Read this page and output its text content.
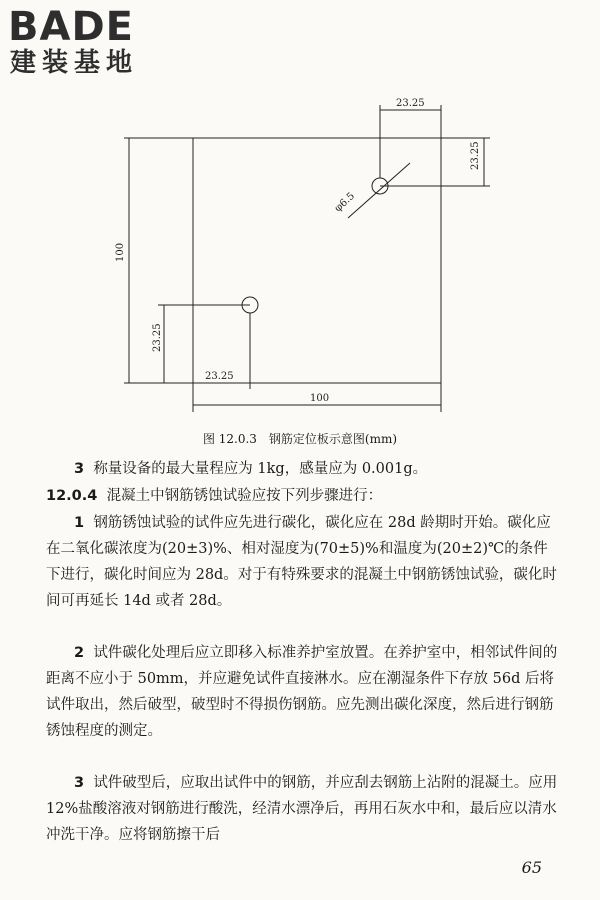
BADE
建装基地
23.25
23.25
φ6.5
100
23.25
23.25
100
图 12.0.3 钢筋定位板示意图(mm)
3 称量设备的最大量程应为 1kg，感量应为 0.001g。
12.0.4 混凝土中钢筋锈蚀试验应按下列步骤进行：
1 钢筋锈蚀试验的试件应先进行碳化，碳化应在 28d 龄期时开始。碳化应在二氧化碳浓度为(20±3)%、相对湿度为(70±5)%和温度为(20±2)℃的条件下进行，碳化时间应为 28d。对于有特殊要求的混凝土中钢筋锈蚀试验，碳化时间可再延长 14d 或者 28d。
2 试件碳化处理后应立即移入标准养护室放置。在养护室中，相邻试件间的距离不应小于 50mm，并应避免试件直接淋水。应在潮湿条件下存放 56d 后将试件取出，然后破型，破型时不得损伤钢筋。应先测出碳化深度，然后进行钢筋锈蚀程度的测定。
3 试件破型后，应取出试件中的钢筋，并应刮去钢筋上沾附的混凝土。应用 12%盐酸溶液对钢筋进行酸洗，经清水漂净后，再用石灰水中和，最后应以清水冲洗干净。应将钢筋擦干后
65
